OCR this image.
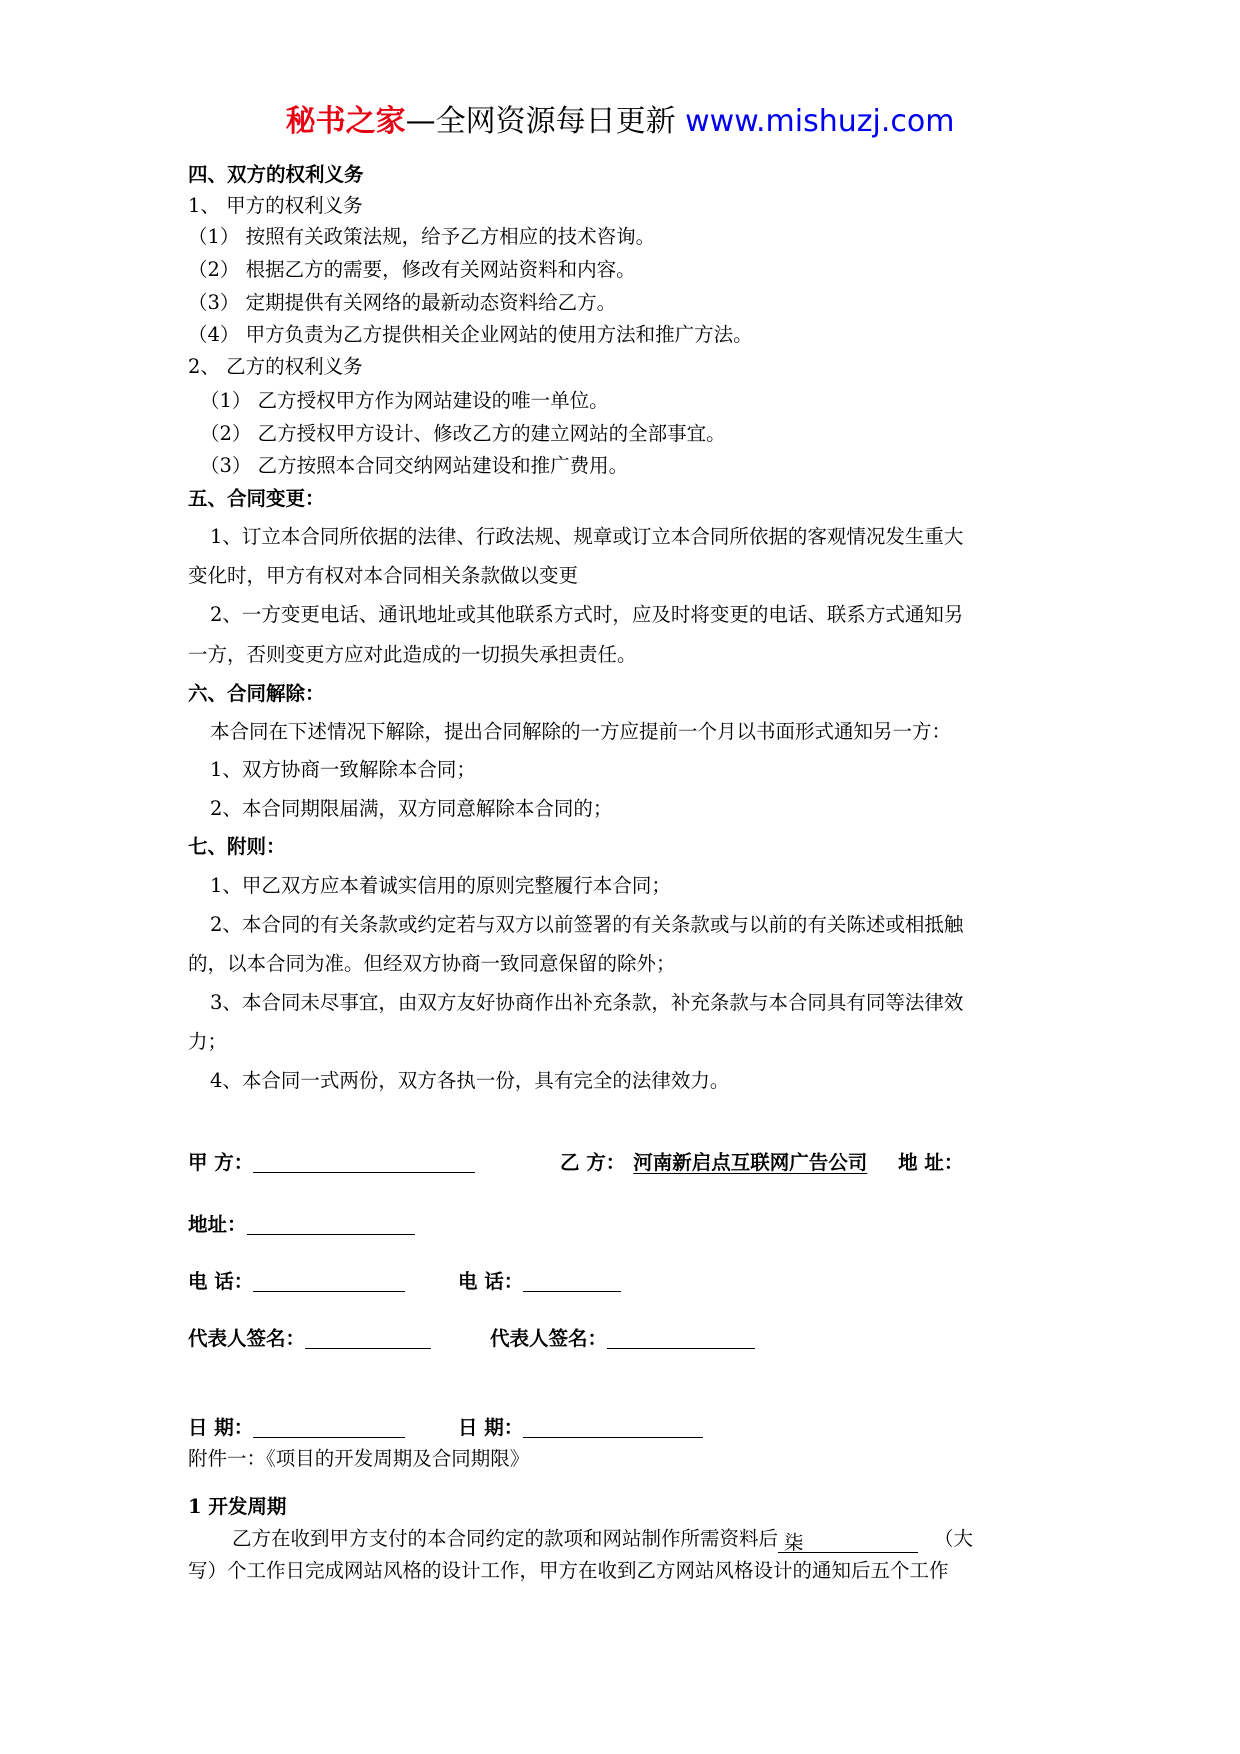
秘书之家—全网资源每日更新 www.mishuzj.com
四、双方的权利义务
1、 甲方的权利义务
（1） 按照有关政策法规，给予乙方相应的技术咨询。
（2） 根据乙方的需要，修改有关网站资料和内容。
（3） 定期提供有关网络的最新动态资料给乙方。
（4） 甲方负责为乙方提供相关企业网站的使用方法和推广方法。
2、 乙方的权利义务
（1） 乙方授权甲方作为网站建设的唯一单位。
（2） 乙方授权甲方设计、修改乙方的建立网站的全部事宜。
（3） 乙方按照本合同交纳网站建设和推广费用。
五、合同变更：
1、订立本合同所依据的法律、行政法规、规章或订立本合同所依据的客观情况发生重大
变化时，甲方有权对本合同相关条款做以变更
2、一方变更电话、通讯地址或其他联系方式时，应及时将变更的电话、联系方式通知另
一方，否则变更方应对此造成的一切损失承担责任。
六、合同解除：
本合同在下述情况下解除，提出合同解除的一方应提前一个月以书面形式通知另一方：
1、双方协商一致解除本合同；
2、本合同期限届满，双方同意解除本合同的；
七、附则：
1、甲乙双方应本着诚实信用的原则完整履行本合同；
2、本合同的有关条款或约定若与双方以前签署的有关条款或与以前的有关陈述或相抵触
的，以本合同为准。但经双方协商一致同意保留的除外；
3、本合同未尽事宜，由双方友好协商作出补充条款，补充条款与本合同具有同等法律效
力；
4、本合同一式两份，双方各执一份，具有完全的法律效力。
甲 方：	乙 方： 河南新启点互联网广告公司 地 址：
地址：
电 话：	电 话：
代表人签名：	代表人签名：
日 期：	日 期：
附件一：《项目的开发周期及合同期限》
1 开发周期
乙方在收到甲方支付的本合同约定的款项和网站制作所需资料后 柒	（大
写）个工作日完成网站风格的设计工作，甲方在收到乙方网站风格设计的通知后五个工作
